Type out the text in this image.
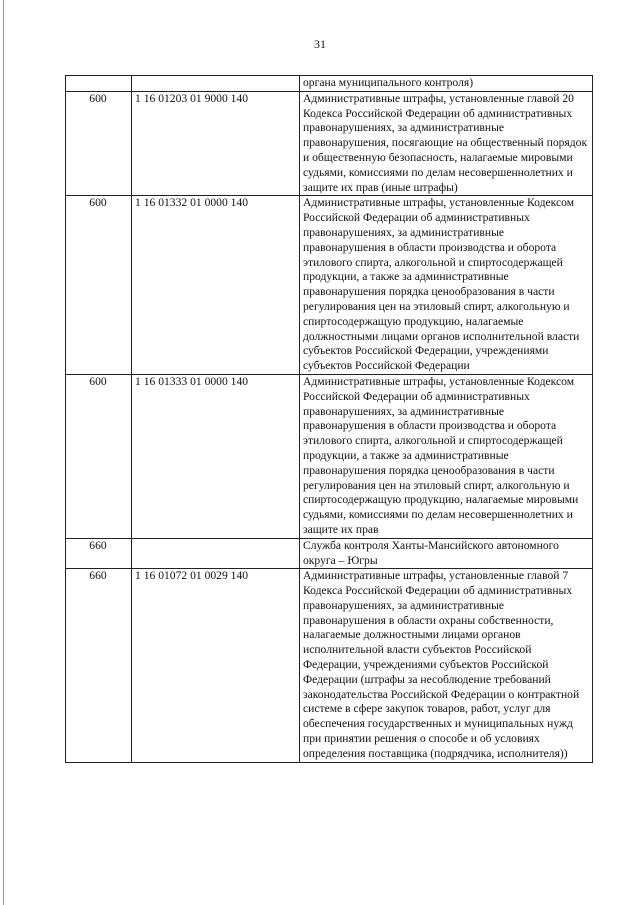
31
		органа муниципального контроля)
600	1 16 01203 01 9000 140	Административные штрафы, установленные главой 20 Кодекса Российской Федерации об административных правонарушениях, за административные правонарушения, посягающие на общественный порядок и общественную безопасность, налагаемые мировыми судьями, комиссиями по делам несовершеннолетних и защите их прав (иные штрафы)
600	1 16 01332 01 0000 140	Административные штрафы, установленные Кодексом Российской Федерации об административных правонарушениях, за административные правонарушения в области производства и оборота этилового спирта, алкогольной и спиртосодержащей продукции, а также за административные правонарушения порядка ценообразования в части регулирования цен на этиловый спирт, алкогольную и спиртосодержащую продукцию, налагаемые должностными лицами органов исполнительной власти субъектов Российской Федерации, учреждениями субъектов Российской Федерации
600	1 16 01333 01 0000 140	Административные штрафы, установленные Кодексом Российской Федерации об административных правонарушениях, за административные правонарушения в области производства и оборота этилового спирта, алкогольной и спиртосодержащей продукции, а также за административные правонарушения порядка ценообразования в части регулирования цен на этиловый спирт, алкогольную и спиртосодержащую продукцию, налагаемые мировыми судьями, комиссиями по делам несовершеннолетних и защите их прав
660		Служба контроля Ханты-Мансийского автономного округа – Югры
660	1 16 01072 01 0029 140	Административные штрафы, установленные главой 7 Кодекса Российской Федерации об административных правонарушениях, за административные правонарушения в области охраны собственности, налагаемые должностными лицами органов исполнительной власти субъектов Российской Федерации, учреждениями субъектов Российской Федерации (штрафы за несоблюдение требований законодательства Российской Федерации о контрактной системе в сфере закупок товаров, работ, услуг для обеспечения государственных и муниципальных нужд при принятии решения о способе и об условиях определения поставщика (подрядчика, исполнителя))
